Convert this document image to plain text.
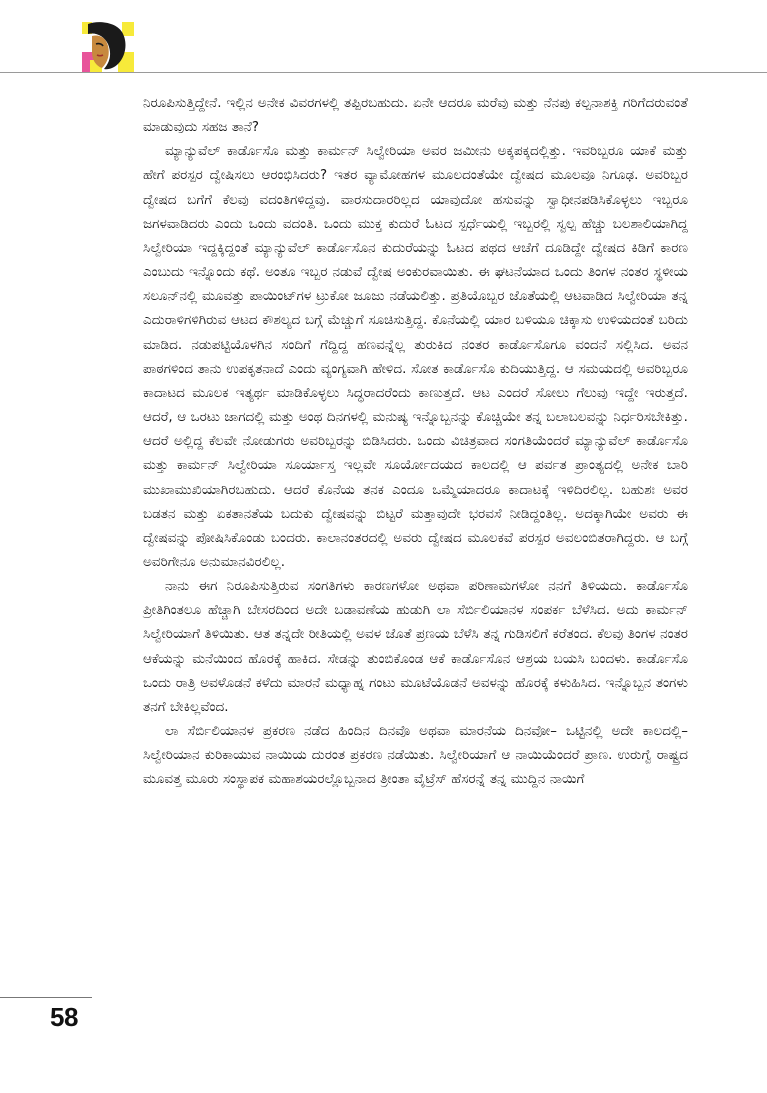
ನಿರೂಪಿಸುತ್ತಿದ್ದೇನೆ. ಇಲ್ಲಿನ ಅನೇಕ ವಿವರಗಳಲ್ಲಿ ತಪ್ಪಿರಬಹುದು. ಏನೇ ಆದರೂ ಮರೆವು ಮತ್ತು ನೆನಪು ಕಲ್ಪನಾಶಕ್ತಿ ಗರಿಗೆದರುವಂತೆ ಮಾಡುವುದು ಸಹಜ ತಾನೆ?

ಮ್ಯಾನ್ಯುವೆಲ್ ಕಾರ್ಡೊಸೊ ಮತ್ತು ಕಾರ್ಮನ್ ಸಿಲ್ವೇರಿಯಾ ಅವರ ಜಮೀನು ಅಕ್ಕಪಕ್ಕದಲ್ಲಿತ್ತು. ಇವರಿಬ್ಬರೂ ಯಾಕೆ ಮತ್ತು ಹೇಗೆ ಪರಸ್ಪರ ದ್ವೇಷಿಸಲು ಆರಂಭಿಸಿದರು? ಇತರ ವ್ಯಾಮೋಹಗಳ ಮೂಲದಂತೆಯೇ ದ್ವೇಷದ ಮೂಲವೂ ನಿಗೂಢ. ಅವರಿಬ್ಬರ ದ್ವೇಷದ ಬಗೆಗೆ ಕೆಲವು ವದಂತಿಗಳಿದ್ದವು. ವಾರಸುದಾರರಿಲ್ಲದ ಯಾವುದೋ ಹಸುವನ್ನು ಸ್ವಾಧೀನಪಡಿಸಿಕೊಳ್ಳಲು ಇಬ್ಬರೂ ಜಗಳವಾಡಿದರು ಎಂದು ಒಂದು ವದಂತಿ. ಒಂದು ಮುಕ್ತ ಕುದುರೆ ಓಟದ ಸ್ಪರ್ಧೆಯಲ್ಲಿ ಇಬ್ಬರಲ್ಲಿ ಸ್ವಲ್ಪ ಹೆಚ್ಚು ಬಲಶಾಲಿಯಾಗಿದ್ದ ಸಿಲ್ವೇರಿಯಾ ಇದ್ದಕ್ಕಿದ್ದಂತೆ ಮ್ಯಾನ್ಯುವೆಲ್ ಕಾರ್ಡೊಸೊನ ಕುದುರೆಯನ್ನು ಓಟದ ಪಥದ ಆಚೆಗೆ ದೂಡಿದ್ದೇ ದ್ವೇಷದ ಕಿಡಿಗೆ ಕಾರಣ ಎಂಬುದು ಇನ್ನೊಂದು ಕಥೆ. ಅಂತೂ ಇಬ್ಬರ ನಡುವೆ ದ್ವೇಷ ಅಂಕುರವಾಯಿತು. ಈ ಘಟನೆಯಾದ ಒಂದು ತಿಂಗಳ ನಂತರ ಸ್ಥಳೀಯ ಸಲೂನ್‌ನಲ್ಲಿ ಮೂವತ್ತು ಪಾಯಿಂಟ್‌ಗಳ ಟ್ರುಕೋ ಜೂಜು ನಡೆಯಲಿತ್ತು. ಪ್ರತಿಯೊಬ್ಬರ ಜೊತೆಯಲ್ಲಿ ಆಟವಾಡಿದ ಸಿಲ್ವೇರಿಯಾ ತನ್ನ ಎದುರಾಳಿಗಳಿಗಿರುವ ಆಟದ ಕೌಶಲ್ಯದ ಬಗ್ಗೆ ಮೆಚ್ಚುಗೆ ಸೂಚಿಸುತ್ತಿದ್ದ. ಕೊನೆಯಲ್ಲಿ ಯಾರ ಬಳಿಯೂ ಚಿಕ್ಕಾಸು ಉಳಿಯದಂತೆ ಬರಿದು ಮಾಡಿದ. ನಡುಪಟ್ಟಿಯೊಳಗಿನ ಸಂದಿಗೆ ಗೆದ್ದಿದ್ದ ಹಣವನ್ನೆಲ್ಲ ತುರುಕಿದ ನಂತರ ಕಾರ್ಡೊಸೊಗೂ ವಂದನೆ ಸಲ್ಲಿಸಿದ. ಅವನ ಪಾಠಗಳಿಂದ ತಾನು ಉಪಕೃತನಾದೆ ಎಂದು ವ್ಯಂಗ್ಯವಾಗಿ ಹೇಳಿದ. ಸೋತ ಕಾರ್ಡೊಸೊ ಕುದಿಯುತ್ತಿದ್ದ. ಆ ಸಮಯದಲ್ಲಿ ಅವರಿಬ್ಬರೂ ಕಾದಾಟದ ಮೂಲಕ ಇತ್ಯರ್ಥ ಮಾಡಿಕೊಳ್ಳಲು ಸಿದ್ಧರಾದರೆಂದು ಕಾಣುತ್ತದೆ. ಆಟ ಎಂದರೆ ಸೋಲು ಗೆಲುವು ಇದ್ದೇ ಇರುತ್ತದೆ. ಆದರೆ, ಆ ಒರಟು ಜಾಗದಲ್ಲಿ ಮತ್ತು ಅಂಥ ದಿನಗಳಲ್ಲಿ ಮನುಷ್ಯ ಇನ್ನೊಬ್ಬನನ್ನು ಕೊಚ್ಚಿಯೇ ತನ್ನ ಬಲಾಬಲವನ್ನು ನಿರ್ಧರಿಸಬೇಕಿತ್ತು. ಆದರೆ ಅಲ್ಲಿದ್ದ ಕೆಲವೇ ನೋಡುಗರು ಅವರಿಬ್ಬರನ್ನು ಬಿಡಿಸಿದರು. ಒಂದು ವಿಚಿತ್ರವಾದ ಸಂಗತಿಯೆಂದರೆ ಮ್ಯಾನ್ಯುವೆಲ್ ಕಾರ್ಡೊಸೊ ಮತ್ತು ಕಾರ್ಮನ್ ಸಿಲ್ವೇರಿಯಾ ಸೂರ್ಯಾಸ್ತ ಇಲ್ಲವೇ ಸೂರ್ಯೋದಯದ ಕಾಲದಲ್ಲಿ ಆ ಪರ್ವತ ಪ್ರಾಂತ್ಯದಲ್ಲಿ ಅನೇಕ ಬಾರಿ ಮುಖಾಮುಖಿಯಾಗಿರಬಹುದು. ಆದರೆ ಕೊನೆಯ ತನಕ ಎಂದೂ ಒಮ್ಮೆಯಾದರೂ ಕಾದಾಟಕ್ಕೆ ಇಳಿದಿರಲಿಲ್ಲ. ಬಹುಶಃ ಅವರ ಬಡತನ ಮತ್ತು ಏಕತಾನತೆಯ ಬದುಕು ದ್ವೇಷವನ್ನು ಬಿಟ್ಟರೆ ಮತ್ತಾವುದೇ ಭರವಸೆ ನೀಡಿದ್ದಂತಿಲ್ಲ. ಅದಕ್ಕಾಗಿಯೇ ಅವರು ಈ ದ್ವೇಷವನ್ನು ಪೋಷಿಸಿಕೊಂಡು ಬಂದರು. ಕಾಲಾನಂತರದಲ್ಲಿ ಅವರು ದ್ವೇಷದ ಮೂಲಕವೆ ಪರಸ್ಪರ ಅವಲಂಬಿತರಾಗಿದ್ದರು. ಆ ಬಗ್ಗೆ ಅವರಿಗೇನೂ ಅನುಮಾನವಿರಲಿಲ್ಲ.

ನಾನು ಈಗ ನಿರೂಪಿಸುತ್ತಿರುವ ಸಂಗತಿಗಳು ಕಾರಣಗಳೋ ಅಥವಾ ಪರಿಣಾಮಗಳೋ ನನಗೆ ತಿಳಿಯದು. ಕಾರ್ಡೊಸೊ ಪ್ರೀತಿಗಿಂತಲೂ ಹೆಚ್ಚಾಗಿ ಬೇಸರದಿಂದ ಅದೇ ಬಡಾವಣೆಯ ಹುಡುಗಿ ಲಾ ಸೆರ್ಬಿಲಿಯಾನಳ ಸಂಪರ್ಕ ಬೆಳೆಸಿದ. ಅದು ಕಾರ್ಮನ್ ಸಿಲ್ವೇರಿಯಾಗೆ ತಿಳಿಯಿತು. ಆತ ತನ್ನದೇ ರೀತಿಯಲ್ಲಿ ಅವಳ ಜೊತೆ ಪ್ರಣಯ ಬೆಳೆಸಿ ತನ್ನ ಗುಡಿಸಲಿಗೆ ಕರೆತಂದ. ಕೆಲವು ತಿಂಗಳ ನಂತರ ಆಕೆಯನ್ನು ಮನೆಯಿಂದ ಹೊರಕ್ಕೆ ಹಾಕಿದ. ಸೇಡನ್ನು ತುಂಬಿಕೊಂಡ ಆಕೆ ಕಾರ್ಡೊಸೊನ ಆಶ್ರಯ ಬಯಸಿ ಬಂದಳು. ಕಾರ್ಡೊಸೊ ಒಂದು ರಾತ್ರಿ ಅವಳೊಡನೆ ಕಳೆದು ಮಾರನೆ ಮಧ್ಯಾಹ್ನ ಗಂಟು ಮೂಟೆಯೊಡನೆ ಅವಳನ್ನು ಹೊರಕ್ಕೆ ಕಳುಹಿಸಿದ. ಇನ್ನೊಬ್ಬನ ತಂಗಳು ತನಗೆ ಬೇಕಿಲ್ಲವೆಂದ.

ಲಾ ಸೆರ್ಬಿಲಿಯಾನಳ ಪ್ರಕರಣ ನಡೆದ ಹಿಂದಿನ ದಿನವೊ ಅಥವಾ ಮಾರನೆಯ ದಿನವೋ– ಒಟ್ಟಿನಲ್ಲಿ ಅದೇ ಕಾಲದಲ್ಲಿ– ಸಿಲ್ವೇರಿಯಾನ ಕುರಿಕಾಯುವ ನಾಯಿಯ ದುರಂತ ಪ್ರಕರಣ ನಡೆಯಿತು. ಸಿಲ್ವೇರಿಯಾಗೆ ಆ ನಾಯಿಯೆಂದರೆ ಪ್ರಾಣ. ಉರುಗ್ವೆ ರಾಷ್ಟ್ರದ ಮೂವತ್ತ ಮೂರು ಸಂಸ್ಥಾಪಕ ಮಹಾಶಯರಲ್ಲೊಬ್ಬನಾದ ತ್ರೀಂತಾ ವೈಟ್ರೆಸ್ ಹೆಸರನ್ನೆ ತನ್ನ ಮುದ್ದಿನ ನಾಯಿಗೆ

58
